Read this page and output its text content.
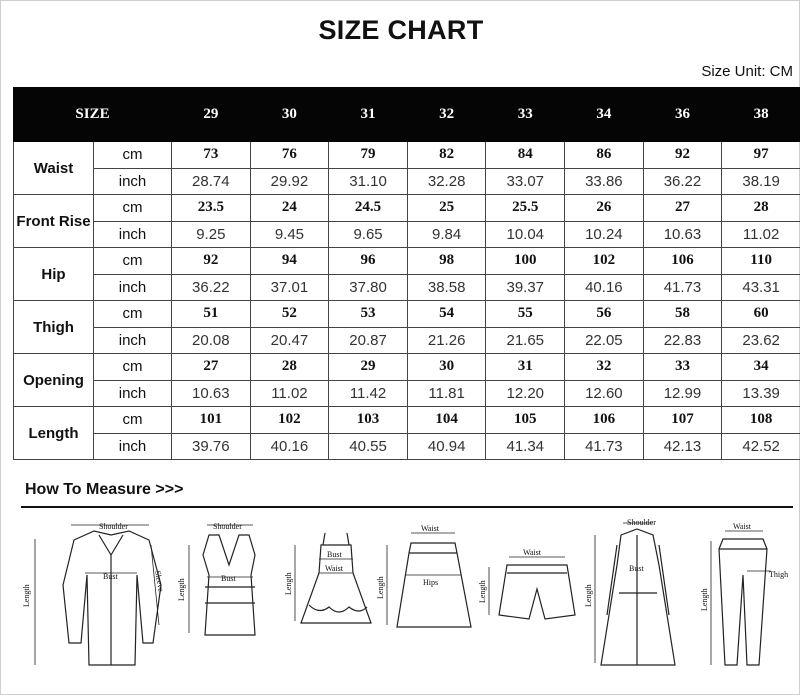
SIZE CHART
Size Unit: CM
SIZE		29	30	31	32	33	34	36	38
Waist	cm	73	76	79	82	84	86	92	97
	inch	28.74	29.92	31.10	32.28	33.07	33.86	36.22	38.19
Front Rise	cm	23.5	24	24.5	25	25.5	26	27	28
	inch	9.25	9.45	9.65	9.84	10.04	10.24	10.63	11.02
Hip	cm	92	94	96	98	100	102	106	110
	inch	36.22	37.01	37.80	38.58	39.37	40.16	41.73	43.31
Thigh	cm	51	52	53	54	55	56	58	60
	inch	20.08	20.47	20.87	21.26	21.65	22.05	22.83	23.62
Opening	cm	27	28	29	30	31	32	33	34
	inch	10.63	11.02	11.42	11.81	12.20	12.60	12.99	13.39
Length	cm	101	102	103	104	105	106	107	108
	inch	39.76	40.16	40.55	40.94	41.34	41.73	42.13	42.52
How To Measure >>>
Shoulder
Bust
Length
Sleeve
Shoulder
Bust
Length
Bust
Waist
Length
Waist
Hips
Length
Waist
Length
Shoulder
Bust
Length
Waist
Thigh
Length
